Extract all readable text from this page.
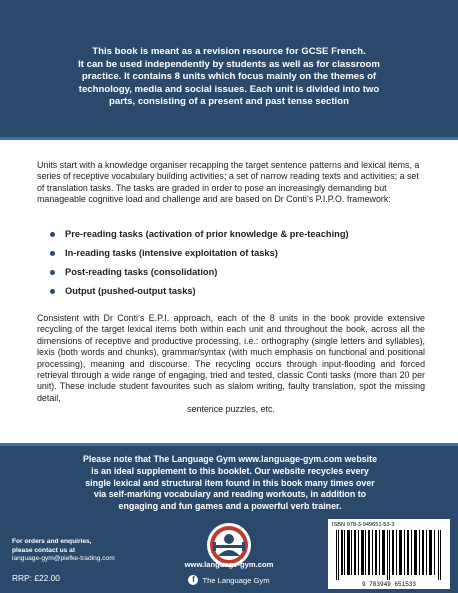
This book is meant as a revision resource for GCSE French.
It can be used independently by students as well as for classroom
practice. It contains 8 units which focus mainly on the themes of
technology, media and social issues. Each unit is divided into two
parts, consisting of a present and past tense section

Units start with a knowledge organiser recapping the target sentence patterns and lexical items, a series of receptive vocabulary building activities; a set of narrow reading texts and activities; a set of translation tasks. The tasks are graded in order to pose an increasingly demanding but manageable cognitive load and challenge and are based on Dr Conti’s P.I.P.O. framework:

Pre-reading tasks (activation of prior knowledge & pre-teaching)
In-reading tasks (intensive exploitation of tasks)
Post-reading tasks (consolidation)
Output (pushed-output tasks)

Consistent with Dr Conti’s E.P.I. approach, each of the 8 units in the book provide extensive recycling of the target lexical items both within each unit and throughout the book, across all the dimensions of receptive and productive processing, i.e.: orthography (single letters and syllables), lexis (both words and chunks), grammar/syntax (with much emphasis on functional and positional processing), meaning and discourse. The recycling occurs through input-flooding and forced retrieval through a wide range of engaging, tried and tested, classic Conti tasks (more than 20 per unit). These include student favourites such as slalom writing, faulty translation, spot the missing detail,
sentence puzzles, etc.

Please note that The Language Gym www.language-gym.com website
is an ideal supplement to this booklet. Our website recycles every
single lexical and structural item found in this book many times over
via self-marking vocabulary and reading workouts, in addition to
engaging and fun games and a powerful verb trainer.
For orders and enquiries,
please contact us at
language-gym@piefke-trading.com
RRP: £22.00
www.language-gym.com
f	The Language Gym
ISBN 978-3-949651-53-3
9 783949 651533
